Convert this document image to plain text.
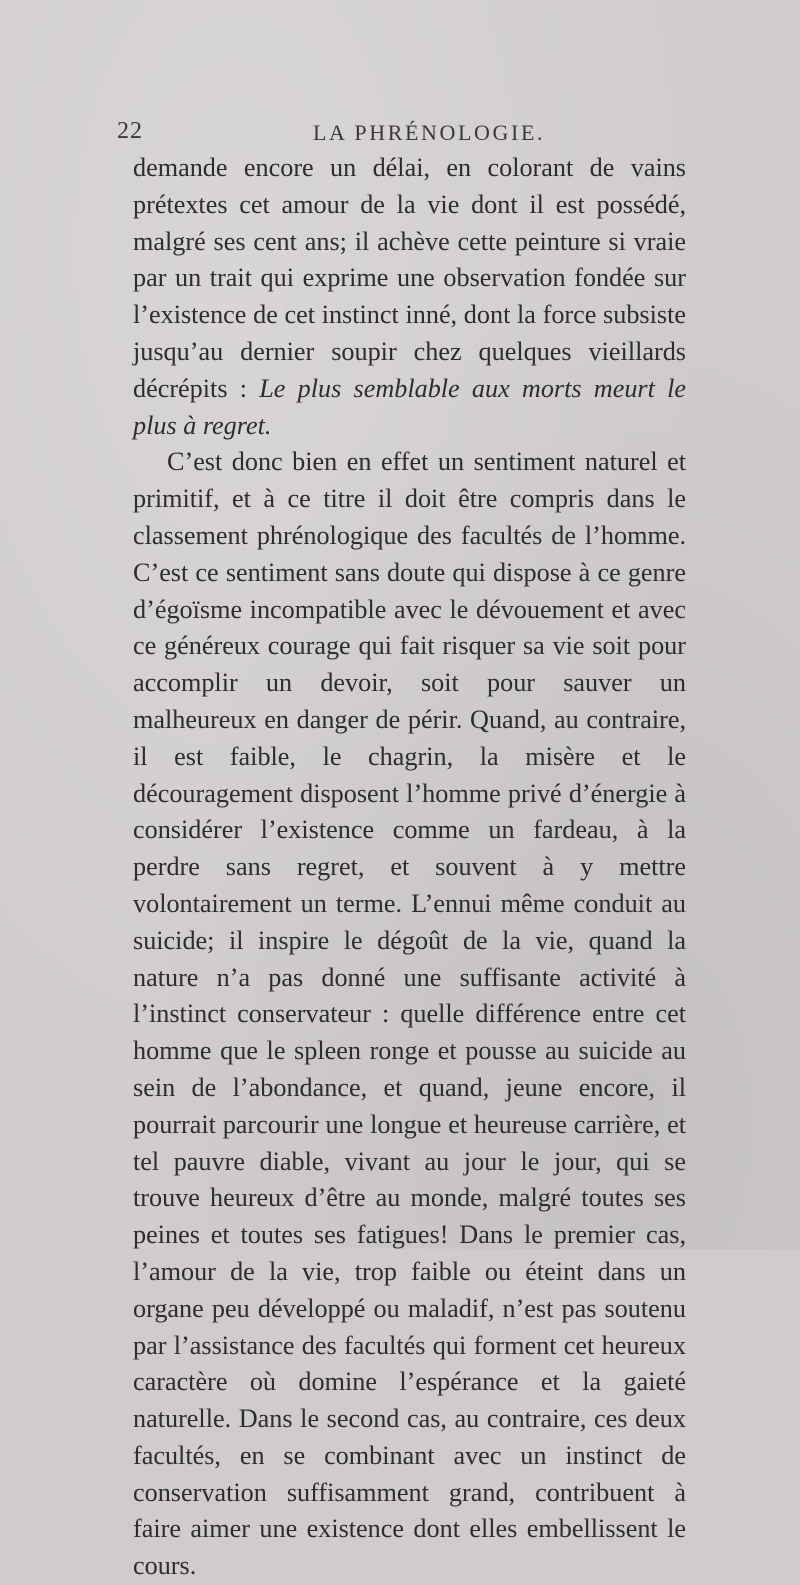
22	LA PHRÉNOLOGIE.

demande encore un délai, en colorant de vains prétextes cet amour de la vie dont il est possédé, malgré ses cent ans; il achève cette peinture si vraie par un trait qui exprime une observation fondée sur l’existence de cet instinct inné, dont la force subsiste jusqu’au dernier soupir chez quelques vieillards décrépits : Le plus semblable aux morts meurt le plus à regret.

C’est donc bien en effet un sentiment naturel et primitif, et à ce titre il doit être compris dans le classement phrénologique des facultés de l’homme. C’est ce sentiment sans doute qui dispose à ce genre d’égoïsme incompatible avec le dévouement et avec ce généreux courage qui fait risquer sa vie soit pour accomplir un devoir, soit pour sauver un malheureux en danger de périr. Quand, au contraire, il est faible, le chagrin, la misère et le découragement disposent l’homme privé d’énergie à considérer l’existence comme un fardeau, à la perdre sans regret, et souvent à y mettre volontairement un terme. L’ennui même conduit au suicide; il inspire le dégoût de la vie, quand la nature n’a pas donné une suffisante activité à l’instinct conservateur : quelle différence entre cet homme que le spleen ronge et pousse au suicide au sein de l’abondance, et quand, jeune encore, il pourrait parcourir une longue et heureuse carrière, et tel pauvre diable, vivant au jour le jour, qui se trouve heureux d’être au monde, malgré toutes ses peines et toutes ses fatigues! Dans le premier cas, l’amour de la vie, trop faible ou éteint dans un organe peu développé ou maladif, n’est pas soutenu par l’assistance des facultés qui forment cet heureux caractère où domine l’espérance et la gaieté naturelle. Dans le second cas, au contraire, ces deux facultés, en se combinant avec un instinct de conservation suffisamment grand, contribuent à faire aimer une existence dont elles embellissent le cours.
